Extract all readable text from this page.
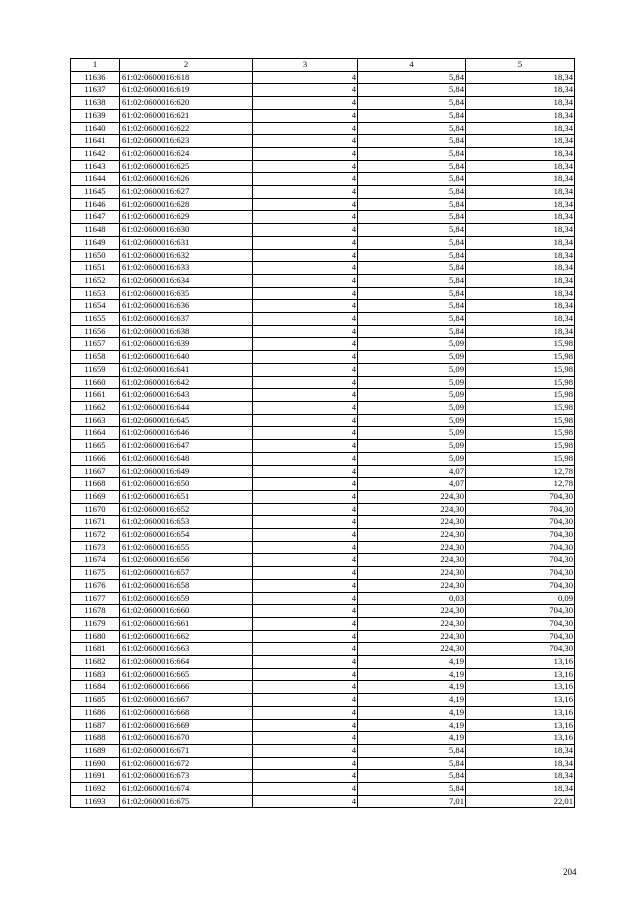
1	2	3	4	5
11636	61:02:0600016:618	4	5,84	18,34
11637	61:02:0600016:619	4	5,84	18,34
11638	61:02:0600016:620	4	5,84	18,34
11639	61:02:0600016:621	4	5,84	18,34
11640	61:02:0600016:622	4	5,84	18,34
11641	61:02:0600016:623	4	5,84	18,34
11642	61:02:0600016:624	4	5,84	18,34
11643	61:02:0600016:625	4	5,84	18,34
11644	61:02:0600016:626	4	5,84	18,34
11645	61:02:0600016:627	4	5,84	18,34
11646	61:02:0600016:628	4	5,84	18,34
11647	61:02:0600016:629	4	5,84	18,34
11648	61:02:0600016:630	4	5,84	18,34
11649	61:02:0600016:631	4	5,84	18,34
11650	61:02:0600016:632	4	5,84	18,34
11651	61:02:0600016:633	4	5,84	18,34
11652	61:02:0600016:634	4	5,84	18,34
11653	61:02:0600016:635	4	5,84	18,34
11654	61:02:0600016:636	4	5,84	18,34
11655	61:02:0600016:637	4	5,84	18,34
11656	61:02:0600016:638	4	5,84	18,34
11657	61:02:0600016:639	4	5,09	15,98
11658	61:02:0600016:640	4	5,09	15,98
11659	61:02:0600016:641	4	5,09	15,98
11660	61:02:0600016:642	4	5,09	15,98
11661	61:02:0600016:643	4	5,09	15,98
11662	61:02:0600016:644	4	5,09	15,98
11663	61:02:0600016:645	4	5,09	15,98
11664	61:02:0600016:646	4	5,09	15,98
11665	61:02:0600016:647	4	5,09	15,98
11666	61:02:0600016:648	4	5,09	15,98
11667	61:02:0600016:649	4	4,07	12,78
11668	61:02:0600016:650	4	4,07	12,78
11669	61:02:0600016:651	4	224,30	704,30
11670	61:02:0600016:652	4	224,30	704,30
11671	61:02:0600016:653	4	224,30	704,30
11672	61:02:0600016:654	4	224,30	704,30
11673	61:02:0600016:655	4	224,30	704,30
11674	61:02:0600016:656	4	224,30	704,30
11675	61:02:0600016:657	4	224,30	704,30
11676	61:02:0600016:658	4	224,30	704,30
11677	61:02:0600016:659	4	0,03	0,09
11678	61:02:0600016:660	4	224,30	704,30
11679	61:02:0600016:661	4	224,30	704,30
11680	61:02:0600016:662	4	224,30	704,30
11681	61:02:0600016:663	4	224,30	704,30
11682	61:02:0600016:664	4	4,19	13,16
11683	61:02:0600016:665	4	4,19	13,16
11684	61:02:0600016:666	4	4,19	13,16
11685	61:02:0600016:667	4	4,19	13,16
11686	61:02:0600016:668	4	4,19	13,16
11687	61:02:0600016:669	4	4,19	13,16
11688	61:02:0600016:670	4	4,19	13,16
11689	61:02:0600016:671	4	5,84	18,34
11690	61:02:0600016:672	4	5,84	18,34
11691	61:02:0600016:673	4	5,84	18,34
11692	61:02:0600016:674	4	5,84	18,34
11693	61:02:0600016:675	4	7,01	22,01
204
